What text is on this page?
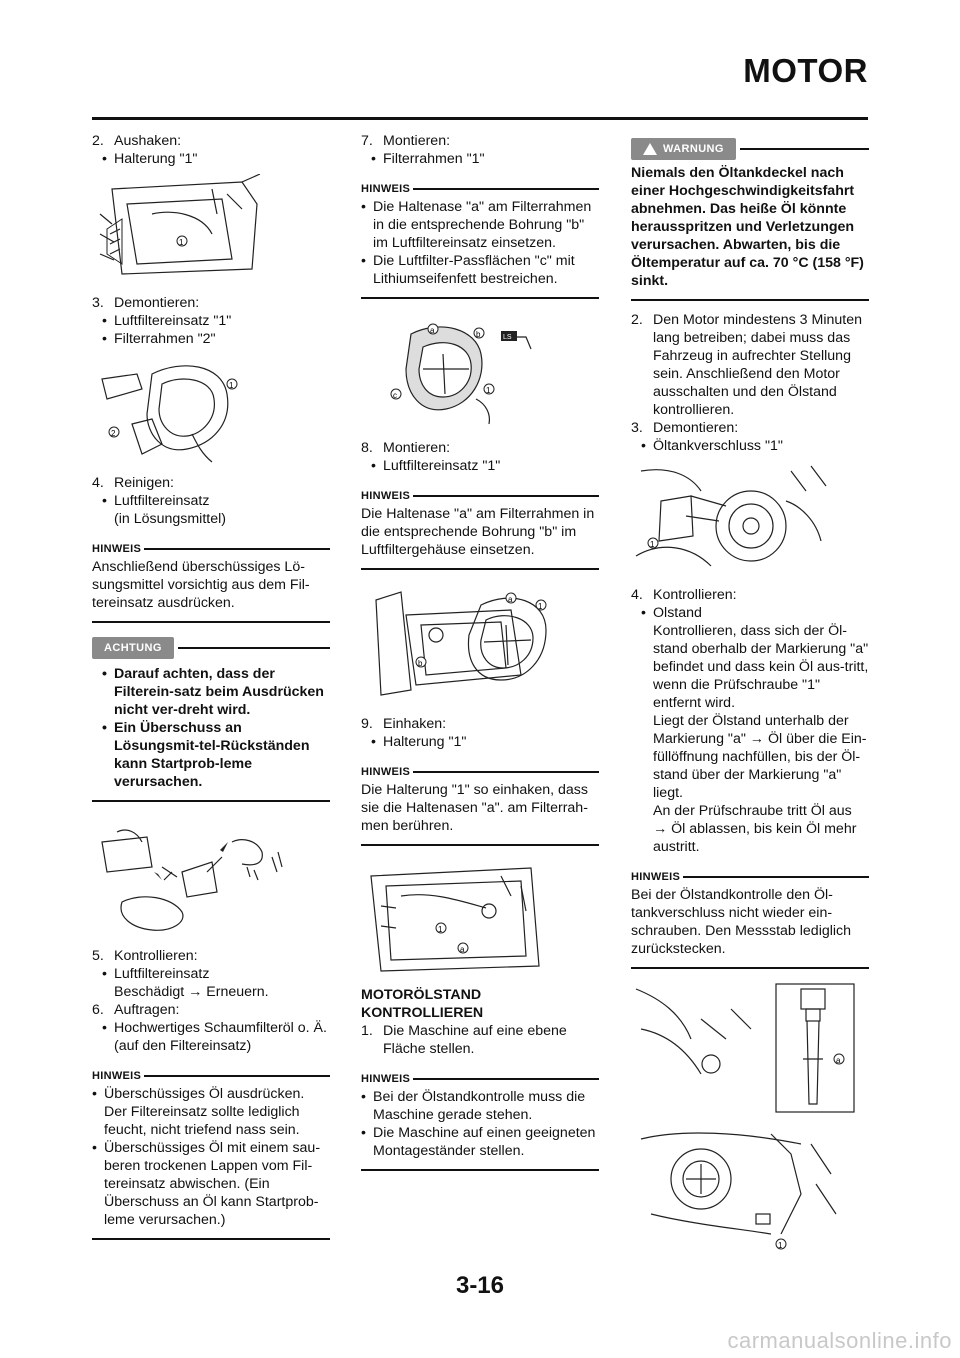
MOTOR
2. Aushaken:
• Halterung "1"
1
3. Demontieren:
• Luftfiltereinsatz "1"
• Filterrahmen "2"
1
2
4. Reinigen:
• Luftfiltereinsatz
(in Lösungsmittel)
HINWEIS
Anschließend überschüssiges Lö-sungsmittel vorsichtig aus dem Fil-tereinsatz ausdrücken.
ACHTUNG
• Darauf achten, dass der Filterein-satz beim Ausdrücken nicht ver-dreht wird.
• Ein Überschuss an Lösungsmit-tel-Rückständen kann Startprob-leme verursachen.
5. Kontrollieren:
• Luftfiltereinsatz
Beschädigt → Erneuern.
6. Auftragen:
• Hochwertiges Schaumfilteröl o. Ä.
(auf den Filtereinsatz)
HINWEIS
• Überschüssiges Öl ausdrücken. Der Filtereinsatz sollte lediglich feucht, nicht triefend nass sein.
• Überschüssiges Öl mit einem sau-beren trockenen Lappen vom Fil-tereinsatz abwischen. (Ein Überschuss an Öl kann Startprob-leme verursachen.)
7. Montieren:
• Filterrahmen "1"
HINWEIS
• Die Haltenase "a" am Filterrahmen in die entsprechende Bohrung "b" im Luftfiltereinsatz einsetzen.
• Die Luftfilter-Passflächen "c" mit Lithiumseifenfett bestreichen.
a	b
c
1
LS
8. Montieren:
• Luftfiltereinsatz "1"
HINWEIS
Die Haltenase "a" am Filterrahmen in die entsprechende Bohrung "b" im Luftfiltergehäuse einsetzen.
a
1
b
9. Einhaken:
• Halterung "1"
HINWEIS
Die Halterung "1" so einhaken, dass sie die Haltenasen "a". am Filterrah-men berühren.
1
a
MOTORÖLSTAND KONTROLLIEREN
1. Die Maschine auf eine ebene Fläche stellen.
HINWEIS
• Bei der Ölstandkontrolle muss die Maschine gerade stehen.
• Die Maschine auf einen geeigneten Montageständer stellen.
WARNUNG
Niemals den Öltankdeckel nach einer Hochgeschwindigkeitsfahrt abnehmen. Das heiße Öl könnte herausspritzen und Verletzungen verursachen. Abwarten, bis die Öltemperatur auf ca. 70 °C (158 °F) sinkt.
2. Den Motor mindestens 3 Minuten lang betreiben; dabei muss das Fahrzeug in aufrechter Stellung sein. Anschließend den Motor ausschalten und den Ölstand kontrollieren.
3. Demontieren:
• Öltankverschluss "1"
1
4. Kontrollieren:
• Olstand
Kontrollieren, dass sich der Öl-stand oberhalb der Markierung "a" befindet und dass kein Öl aus-tritt, wenn die Prüfschraube "1" entfernt wird.
Liegt der Ölstand unterhalb der Markierung "a" → Öl über die Ein-füllöffnung nachfüllen, bis der Öl-stand über der Markierung "a" liegt.
An der Prüfschraube tritt Öl aus → Öl ablassen, bis kein Öl mehr austritt.
HINWEIS
Bei der Ölstandkontrolle den Öl-tankverschluss nicht wieder ein-schrauben. Den Messstab lediglich zurückstecken.
a
1
3-16
carmanualsonline.info
